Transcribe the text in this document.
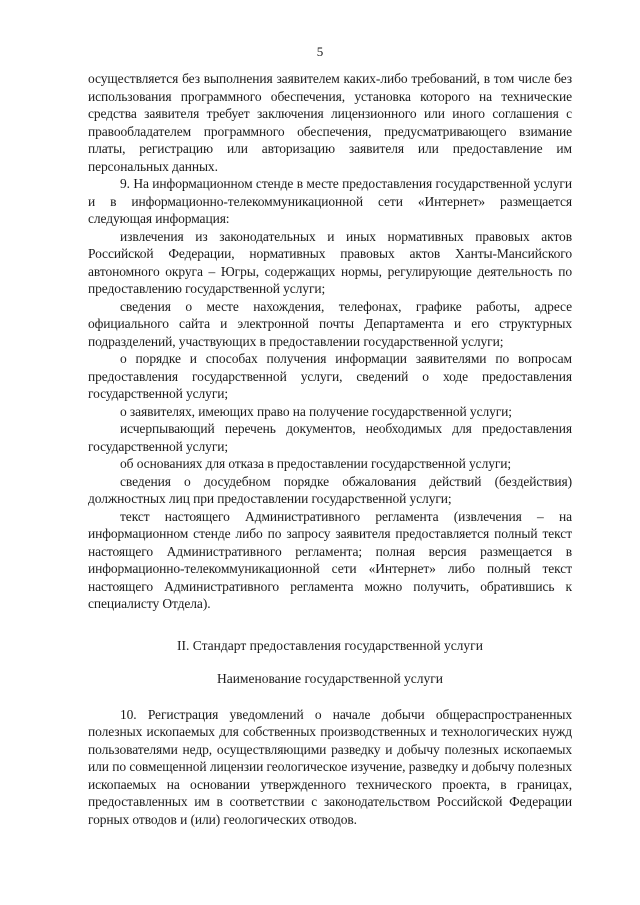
5

осуществляется без выполнения заявителем каких-либо требований, в том числе без использования программного обеспечения, установка которого на технические средства заявителя требует заключения лицензионного или иного соглашения с правообладателем программного обеспечения, предусматривающего взимание платы, регистрацию или авторизацию заявителя или предоставление им персональных данных.

9. На информационном стенде в месте предоставления государственной услуги и в информационно-телекоммуникационной сети «Интернет» размещается следующая информация:

извлечения из законодательных и иных нормативных правовых актов Российской Федерации, нормативных правовых актов Ханты-Мансийского автономного округа – Югры, содержащих нормы, регулирующие деятельность по предоставлению государственной услуги;

сведения о месте нахождения, телефонах, графике работы, адресе официального сайта и электронной почты Департамента и его структурных подразделений, участвующих в предоставлении государственной услуги;

о порядке и способах получения информации заявителями по вопросам предоставления государственной услуги, сведений о ходе предоставления государственной услуги;

о заявителях, имеющих право на получение государственной услуги;

исчерпывающий перечень документов, необходимых для предоставления государственной услуги;

об основаниях для отказа в предоставлении государственной услуги;

сведения о досудебном порядке обжалования действий (бездействия) должностных лиц при предоставлении государственной услуги;

текст настоящего Административного регламента (извлечения – на информационном стенде либо по запросу заявителя предоставляется полный текст настоящего Административного регламента; полная версия размещается в информационно-телекоммуникационной сети «Интернет» либо полный текст настоящего Административного регламента можно получить, обратившись к специалисту Отдела).

II. Стандарт предоставления государственной услуги

Наименование государственной услуги

10. Регистрация уведомлений о начале добычи общераспространенных полезных ископаемых для собственных производственных и технологических нужд пользователями недр, осуществляющими разведку и добычу полезных ископаемых или по совмещенной лицензии геологическое изучение, разведку и добычу полезных ископаемых на основании утвержденного технического проекта, в границах, предоставленных им в соответствии с законодательством Российской Федерации горных отводов и (или) геологических отводов.
